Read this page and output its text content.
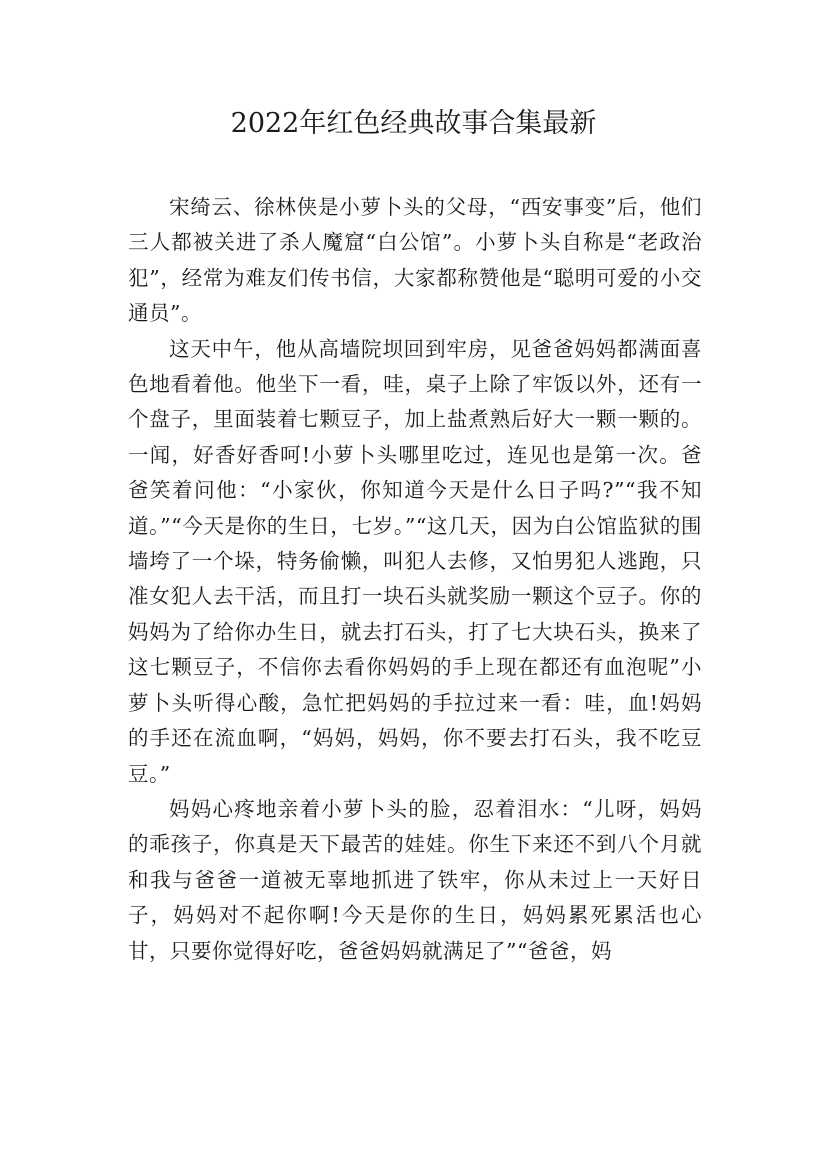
2022年红色经典故事合集最新

宋绮云、徐林侠是小萝卜头的父母，“西安事变”后，他们三人都被关进了杀人魔窟“白公馆”。小萝卜头自称是“老政治犯”，经常为难友们传书信，大家都称赞他是“聪明可爱的小交通员”。

这天中午，他从高墙院坝回到牢房，见爸爸妈妈都满面喜色地看着他。他坐下一看，哇，桌子上除了牢饭以外，还有一个盘子，里面装着七颗豆子，加上盐煮熟后好大一颗一颗的。一闻，好香好香呵!小萝卜头哪里吃过，连见也是第一次。爸爸笑着问他：“小家伙，你知道今天是什么日子吗?”“我不知道。”“今天是你的生日，七岁。”“这几天，因为白公馆监狱的围墙垮了一个垛，特务偷懒，叫犯人去修，又怕男犯人逃跑，只准女犯人去干活，而且打一块石头就奖励一颗这个豆子。你的妈妈为了给你办生日，就去打石头，打了七大块石头，换来了这七颗豆子，不信你去看你妈妈的手上现在都还有血泡呢”小萝卜头听得心酸，急忙把妈妈的手拉过来一看：哇，血!妈妈的手还在流血啊，“妈妈，妈妈，你不要去打石头，我不吃豆豆。”

妈妈心疼地亲着小萝卜头的脸，忍着泪水：“儿呀，妈妈的乖孩子，你真是天下最苦的娃娃。你生下来还不到八个月就和我与爸爸一道被无辜地抓进了铁牢，你从未过上一天好日子，妈妈对不起你啊!今天是你的生日，妈妈累死累活也心甘，只要你觉得好吃，爸爸妈妈就满足了”“爸爸，妈
